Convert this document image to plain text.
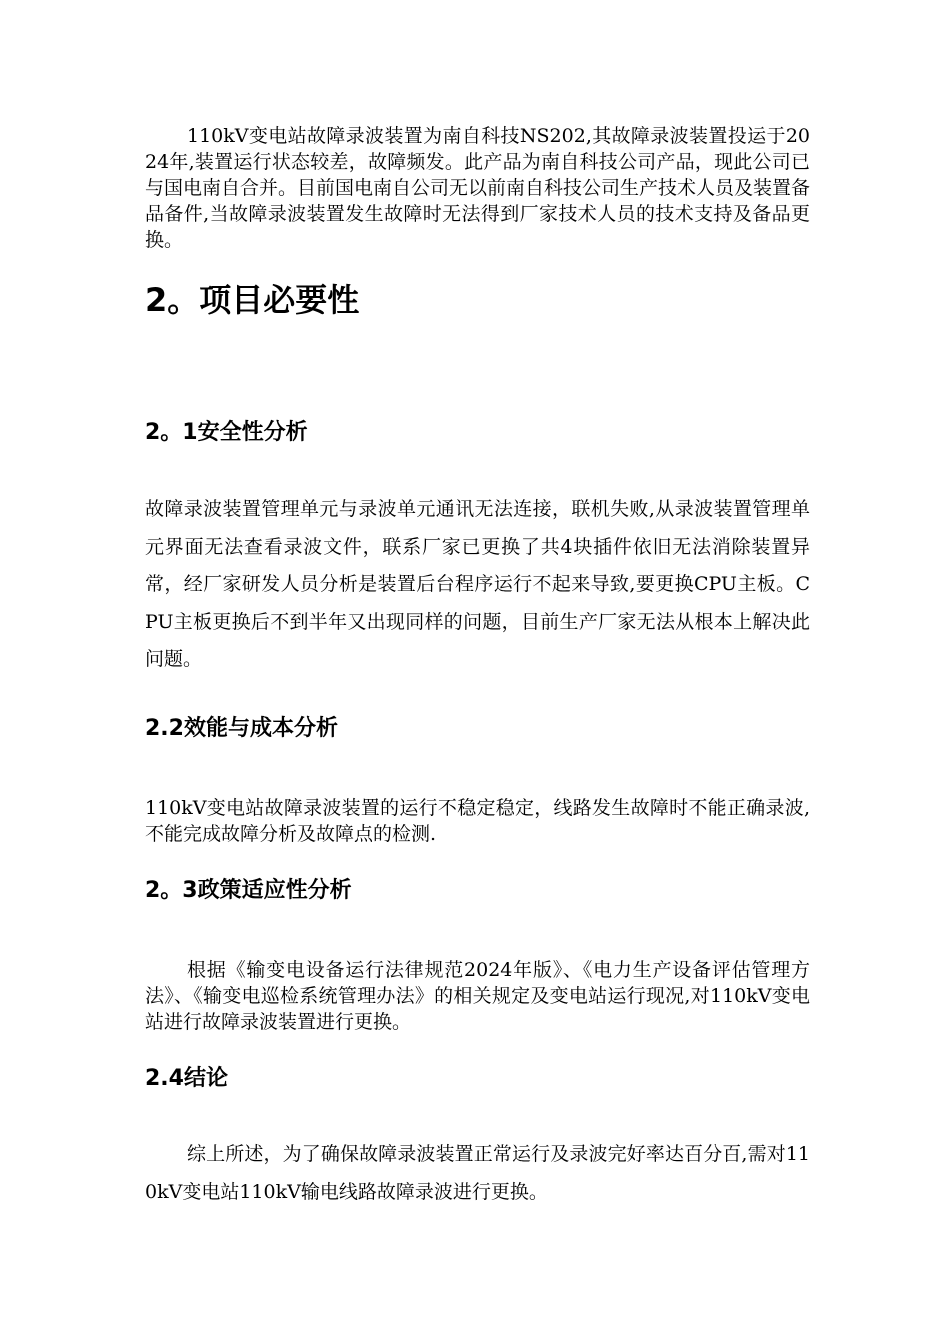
110kV变电站故障录波装置为南自科技NS202,其故障录波装置投运于2024年,装置运行状态较差，故障频发。此产品为南自科技公司产品，现此公司已与国电南自合并。目前国电南自公司无以前南自科技公司生产技术人员及装置备品备件,当故障录波装置发生故障时无法得到厂家技术人员的技术支持及备品更换。

2。项目必要性
2。1安全性分析

故障录波装置管理单元与录波单元通讯无法连接，联机失败,从录波装置管理单元界面无法查看录波文件，联系厂家已更换了共4块插件依旧无法消除装置异常，经厂家研发人员分析是装置后台程序运行不起来导致,要更换CPU主板。CPU主板更换后不到半年又出现同样的问题，目前生产厂家无法从根本上解决此问题。

2.2效能与成本分析

110kV变电站故障录波装置的运行不稳定稳定，线路发生故障时不能正确录波,不能完成故障分析及故障点的检测.

2。3政策适应性分析

根据《输变电设备运行法律规范2024年版》、《电力生产设备评估管理方法》、《输变电巡检系统管理办法》的相关规定及变电站运行现况,对110kV变电站进行故障录波装置进行更换。

2.4结论

综上所述，为了确保故障录波装置正常运行及录波完好率达百分百,需对110kV变电站110kV输电线路故障录波进行更换。
